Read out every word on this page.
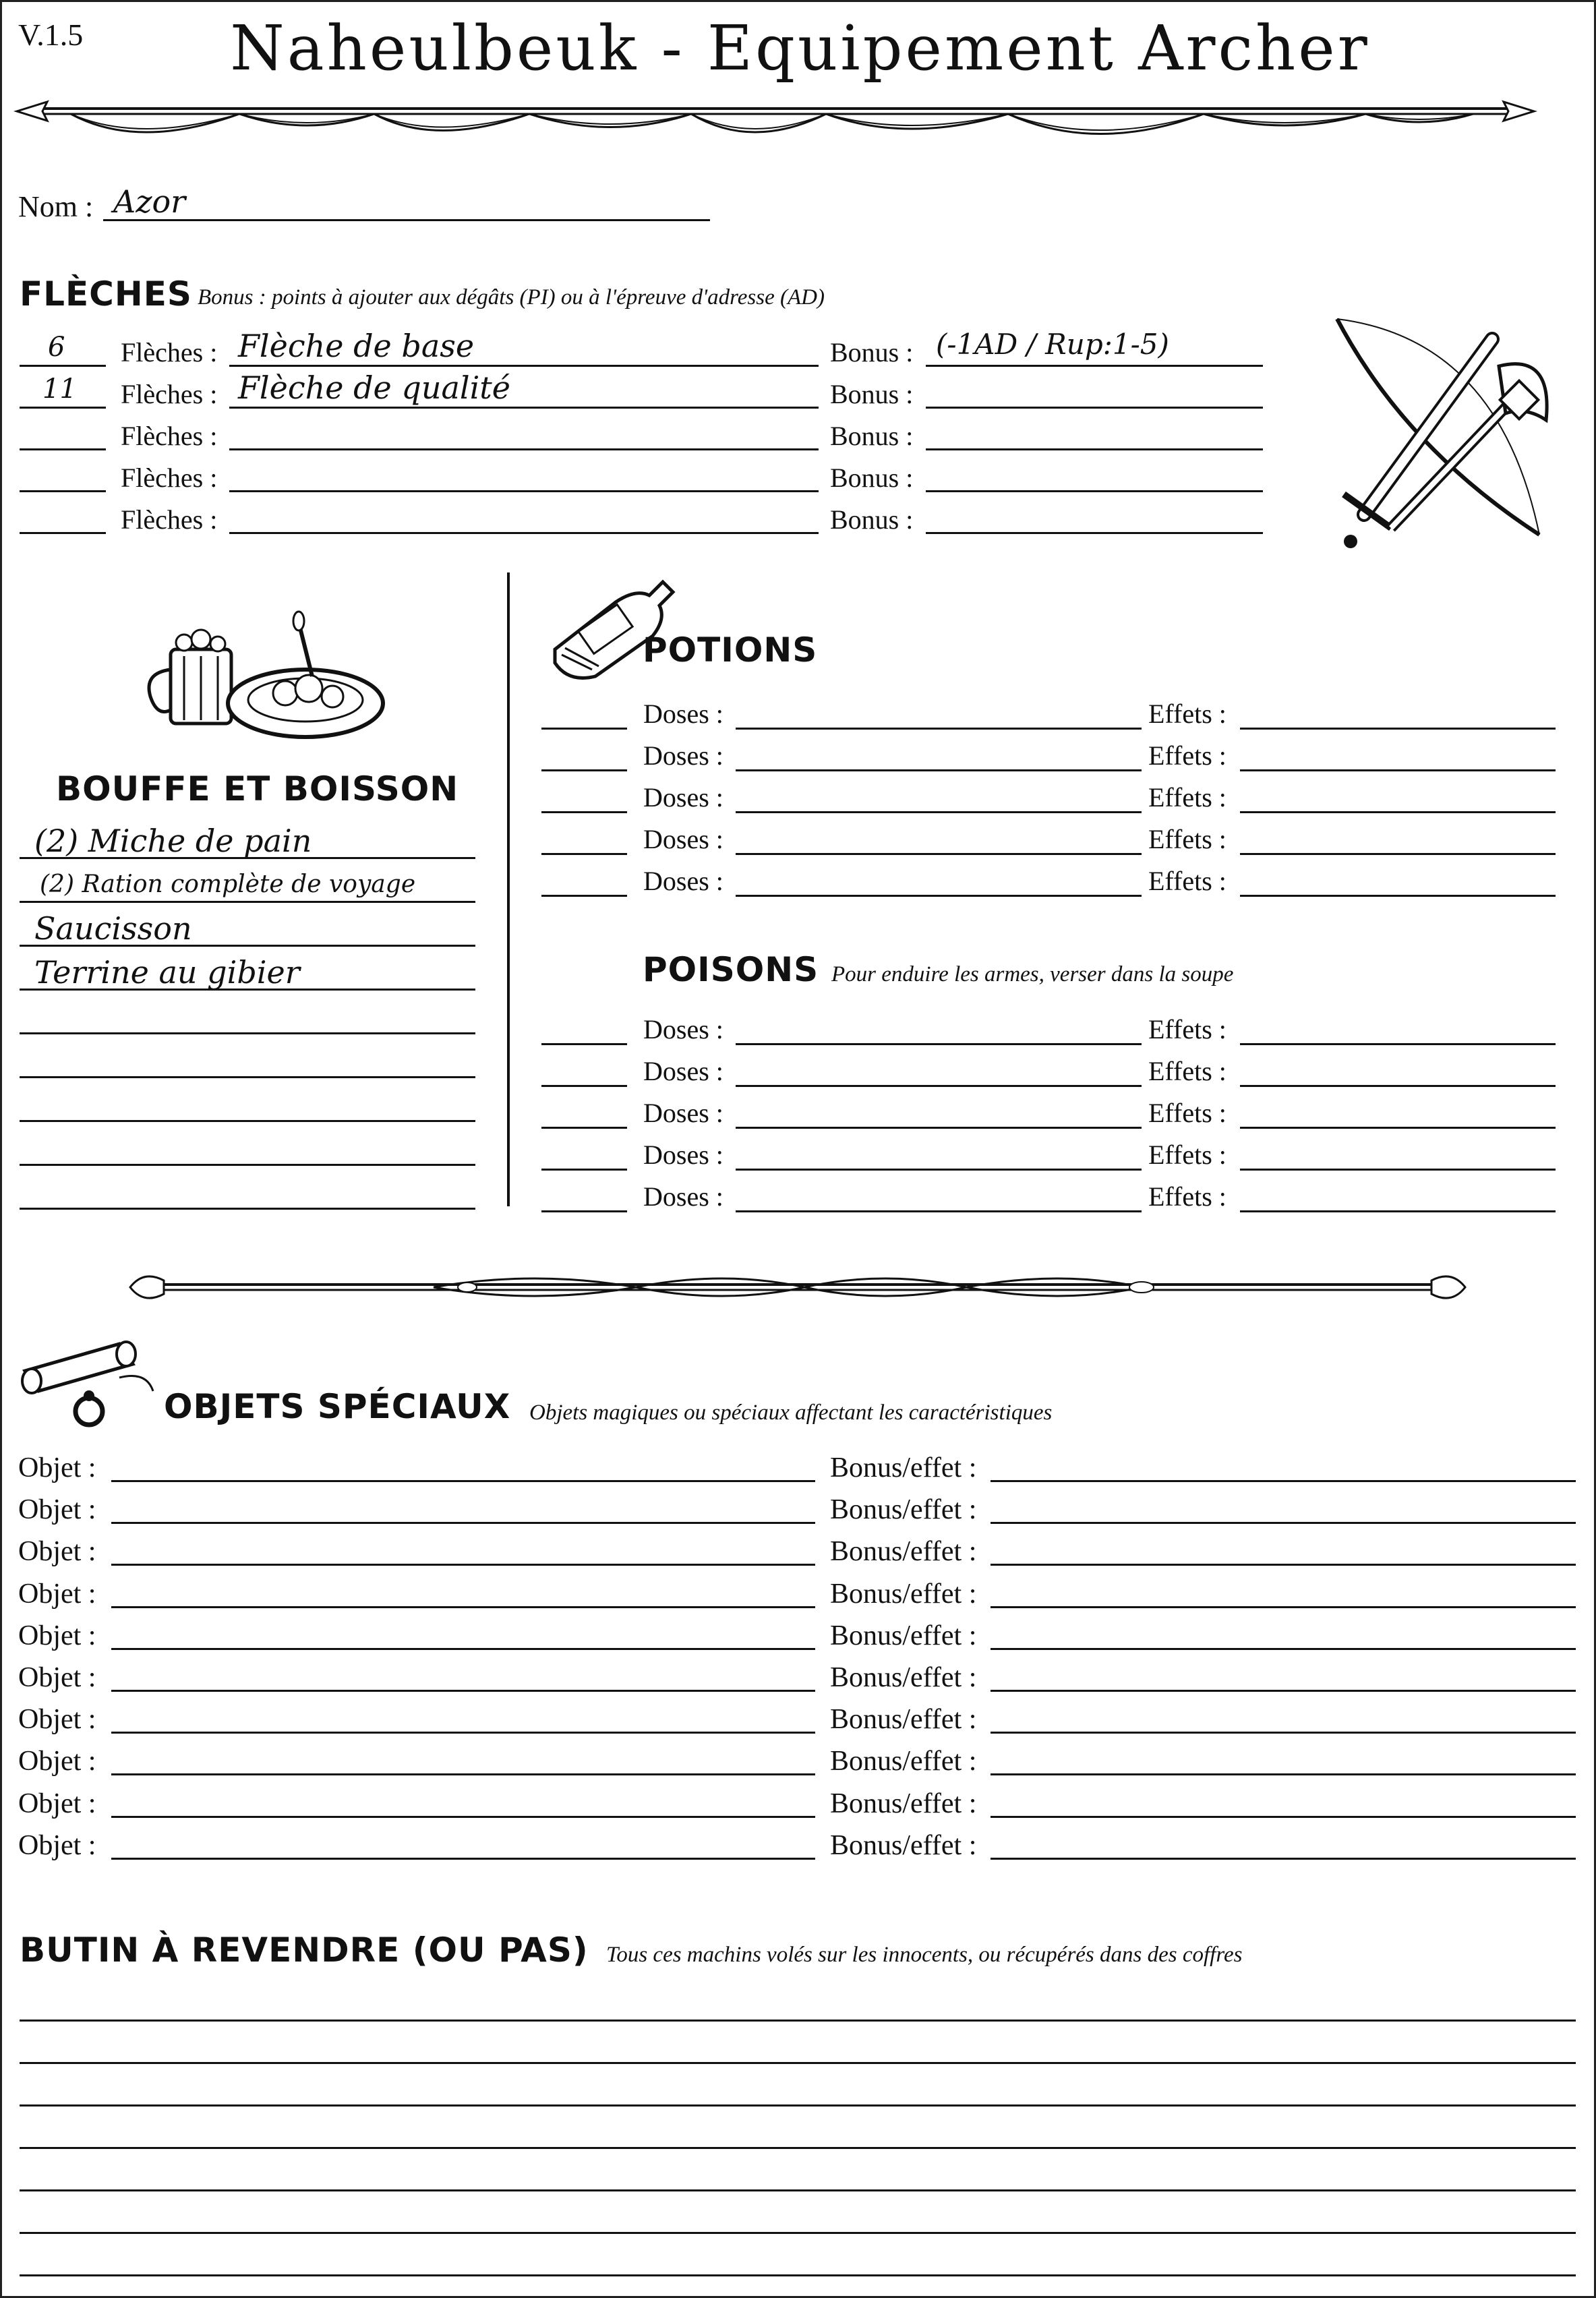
V.1.5	Naheulbeuk - Equipement Archer
Nom : Azor
FLÈCHES Bonus : points à ajouter aux dégâts (PI) ou à l'épreuve d'adresse (AD)
6 Flèches : Flèche de base	Bonus : (-1AD / Rup:1-5)
11 Flèches : Flèche de qualité	Bonus :
Flèches :	Bonus :
Flèches :	Bonus :
Flèches :	Bonus :
BOUFFE ET BOISSON
(2) Miche de pain
(2) Ration complète de voyage
Saucisson
Terrine au gibier
POTIONS
Doses :	Effets :
Doses :	Effets :
Doses :	Effets :
Doses :	Effets :
Doses :	Effets :
POISONS Pour enduire les armes, verser dans la soupe
Doses :	Effets :
Doses :	Effets :
Doses :	Effets :
Doses :	Effets :
Doses :	Effets :
OBJETS SPÉCIAUX Objets magiques ou spéciaux affectant les caractéristiques
Objet :	Bonus/effet :
Objet :	Bonus/effet :
Objet :	Bonus/effet :
Objet :	Bonus/effet :
Objet :	Bonus/effet :
Objet :	Bonus/effet :
Objet :	Bonus/effet :
Objet :	Bonus/effet :
Objet :	Bonus/effet :
Objet :	Bonus/effet :
BUTIN À REVENDRE (OU PAS) Tous ces machins volés sur les innocents, ou récupérés dans des coffres
